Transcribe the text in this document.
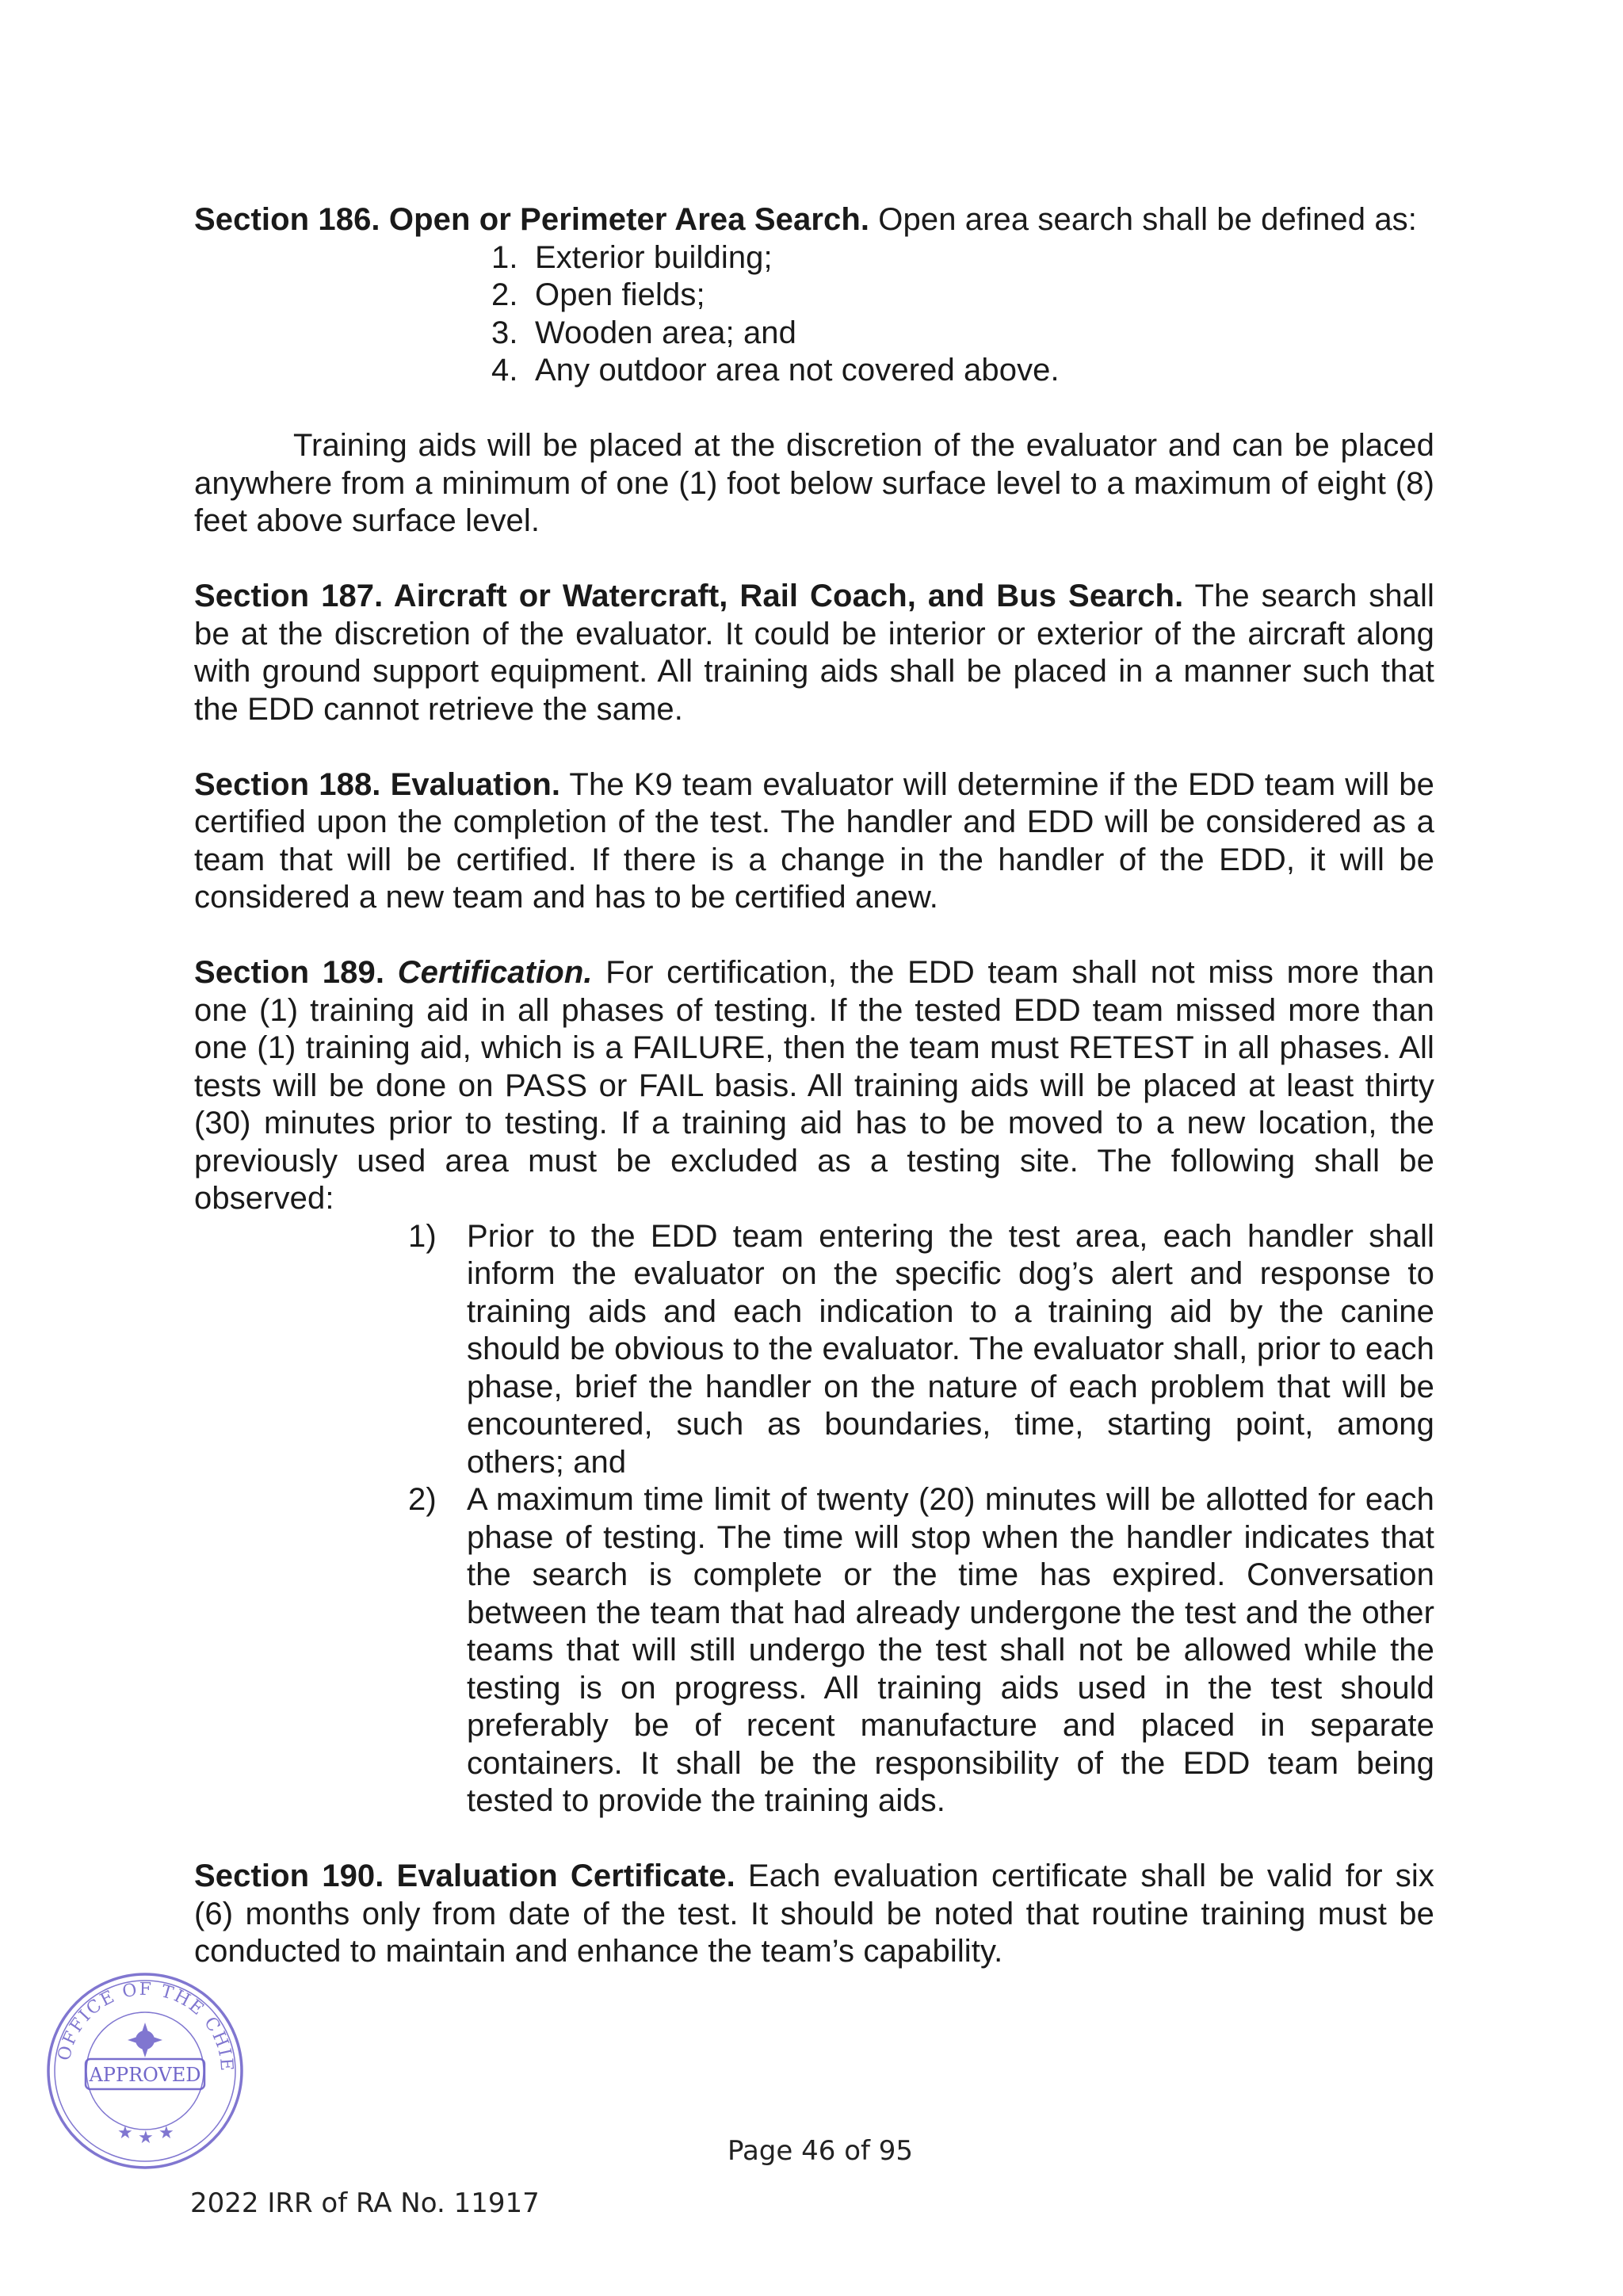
Section 186. Open or Perimeter Area Search. Open area search shall be defined as:

1. Exterior building;
2. Open fields;
3. Wooden area; and
4. Any outdoor area not covered above.

Training aids will be placed at the discretion of the evaluator and can be placed anywhere from a minimum of one (1) foot below surface level to a maximum of eight (8) feet above surface level.

Section 187. Aircraft or Watercraft, Rail Coach, and Bus Search. The search shall be at the discretion of the evaluator. It could be interior or exterior of the aircraft along with ground support equipment. All training aids shall be placed in a manner such that the EDD cannot retrieve the same.

Section 188. Evaluation. The K9 team evaluator will determine if the EDD team will be certified upon the completion of the test. The handler and EDD will be considered as a team that will be certified. If there is a change in the handler of the EDD, it will be considered a new team and has to be certified anew.

Section 189. Certification. For certification, the EDD team shall not miss more than one (1) training aid in all phases of testing. If the tested EDD team missed more than one (1) training aid, which is a FAILURE, then the team must RETEST in all phases. All tests will be done on PASS or FAIL basis. All training aids will be placed at least thirty (30) minutes prior to testing. If a training aid has to be moved to a new location, the previously used area must be excluded as a testing site. The following shall be observed:

1) Prior to the EDD team entering the test area, each handler shall inform the evaluator on the specific dog’s alert and response to training aids and each indication to a training aid by the canine should be obvious to the evaluator. The evaluator shall, prior to each phase, brief the handler on the nature of each problem that will be encountered, such as boundaries, time, starting point, among others; and
2) A maximum time limit of twenty (20) minutes will be allotted for each phase of testing. The time will stop when the handler indicates that the search is complete or the time has expired. Conversation between the team that had already undergone the test and the other teams that will still undergo the test shall not be allowed while the testing is on progress. All training aids used in the test should preferably be of recent manufacture and placed in separate containers. It shall be the responsibility of the EDD team being tested to provide the training aids.

Section 190. Evaluation Certificate. Each evaluation certificate shall be valid for six (6) months only from date of the test. It should be noted that routine training must be conducted to maintain and enhance the team’s capability.

OFFICE OF THE CHIE
★ ★ ★
APPROVED
Page 46 of 95
2022 IRR of RA No. 11917
